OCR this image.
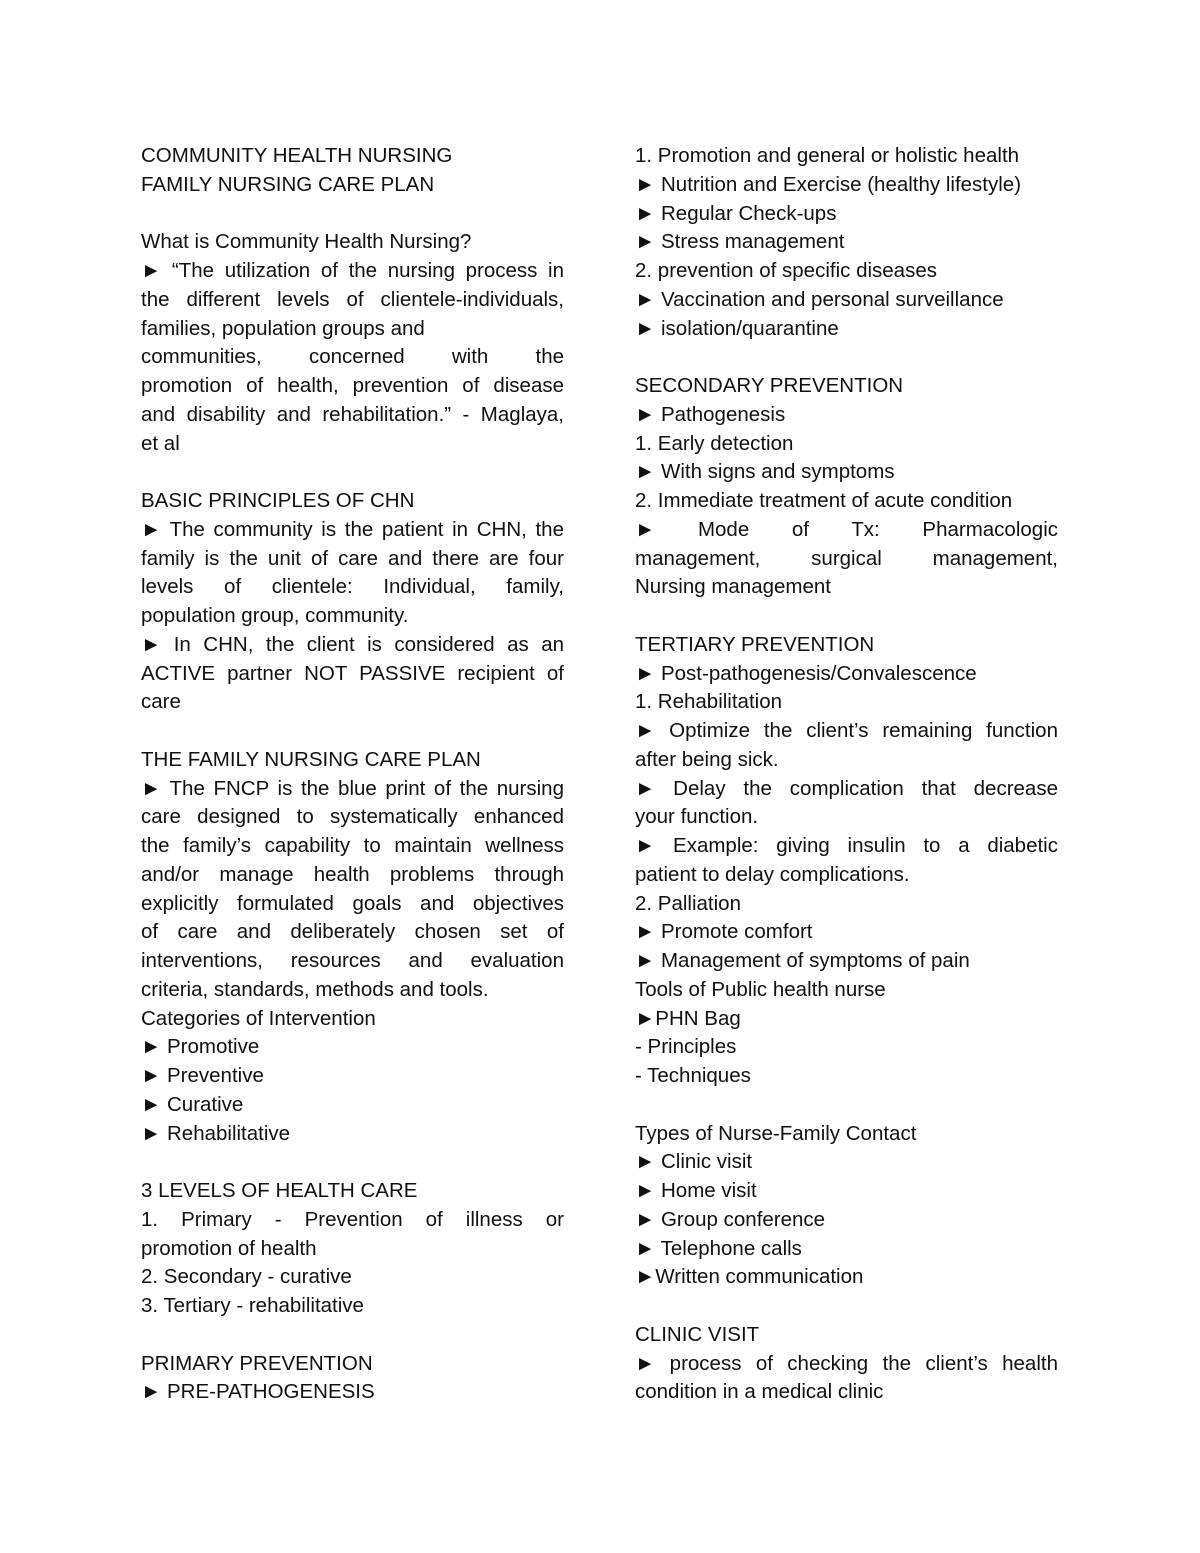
COMMUNITY HEALTH NURSING
FAMILY NURSING CARE PLAN
What is Community Health Nursing?
► “The utilization of the nursing process in
the different levels of clientele-individuals,
families, population groups and
communities, concerned with the
promotion of health, prevention of disease
and disability and rehabilitation.” - Maglaya,
et al
BASIC PRINCIPLES OF CHN
► The community is the patient in CHN, the
family is the unit of care and there are four
levels of clientele: Individual, family,
population group, community.
► In CHN, the client is considered as an
ACTIVE partner NOT PASSIVE recipient of
care
THE FAMILY NURSING CARE PLAN
► The FNCP is the blue print of the nursing
care designed to systematically enhanced
the family’s capability to maintain wellness
and/or manage health problems through
explicitly formulated goals and objectives
of care and deliberately chosen set of
interventions, resources and evaluation
criteria, standards, methods and tools.
Categories of Intervention
► Promotive
► Preventive
► Curative
► Rehabilitative
3 LEVELS OF HEALTH CARE
1. Primary - Prevention of illness or
promotion of health
2. Secondary - curative
3. Tertiary - rehabilitative
PRIMARY PREVENTION
► PRE-PATHOGENESIS
1. Promotion and general or holistic health
► Nutrition and Exercise (healthy lifestyle)
► Regular Check-ups
► Stress management
2. prevention of specific diseases
► Vaccination and personal surveillance
► isolation/quarantine
SECONDARY PREVENTION
► Pathogenesis
1. Early detection
► With signs and symptoms
2. Immediate treatment of acute condition
► Mode of Tx: Pharmacologic
management, surgical management,
Nursing management
TERTIARY PREVENTION
► Post-pathogenesis/Convalescence
1. Rehabilitation
► Optimize the client’s remaining function
after being sick.
► Delay the complication that decrease
your function.
► Example: giving insulin to a diabetic
patient to delay complications.
2. Palliation
► Promote comfort
► Management of symptoms of pain
Tools of Public health nurse
►PHN Bag
- Principles
- Techniques
Types of Nurse-Family Contact
► Clinic visit
► Home visit
► Group conference
► Telephone calls
►Written communication
CLINIC VISIT
► process of checking the client’s health
condition in a medical clinic
